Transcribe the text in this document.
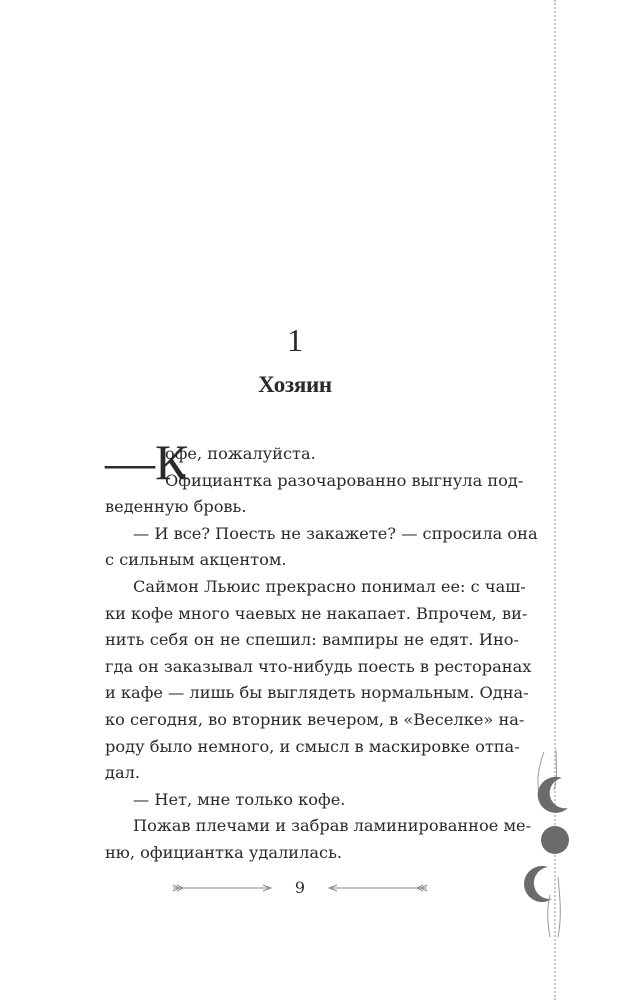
1
Хозяин
—К
офе, пожалуйста.
Официантка разочарованно выгнула под-
веденную бровь.
— И все? Поесть не закажете? — спросила она
с сильным акцентом.
Саймон Льюис прекрасно понимал ее: с чаш-
ки кофе много чаевых не накапает. Впрочем, ви-
нить себя он не спешил: вампиры не едят. Ино-
гда он заказывал что-нибудь поесть в ресторанах
и кафе — лишь бы выглядеть нормальным. Одна-
ко сегодня, во вторник вечером, в «Веселке» на-
роду было немного, и смысл в маскировке отпа-
дал.
— Нет, мне только кофе.
Пожав плечами и забрав ламинированное ме-
ню, официантка удалилась.
9
